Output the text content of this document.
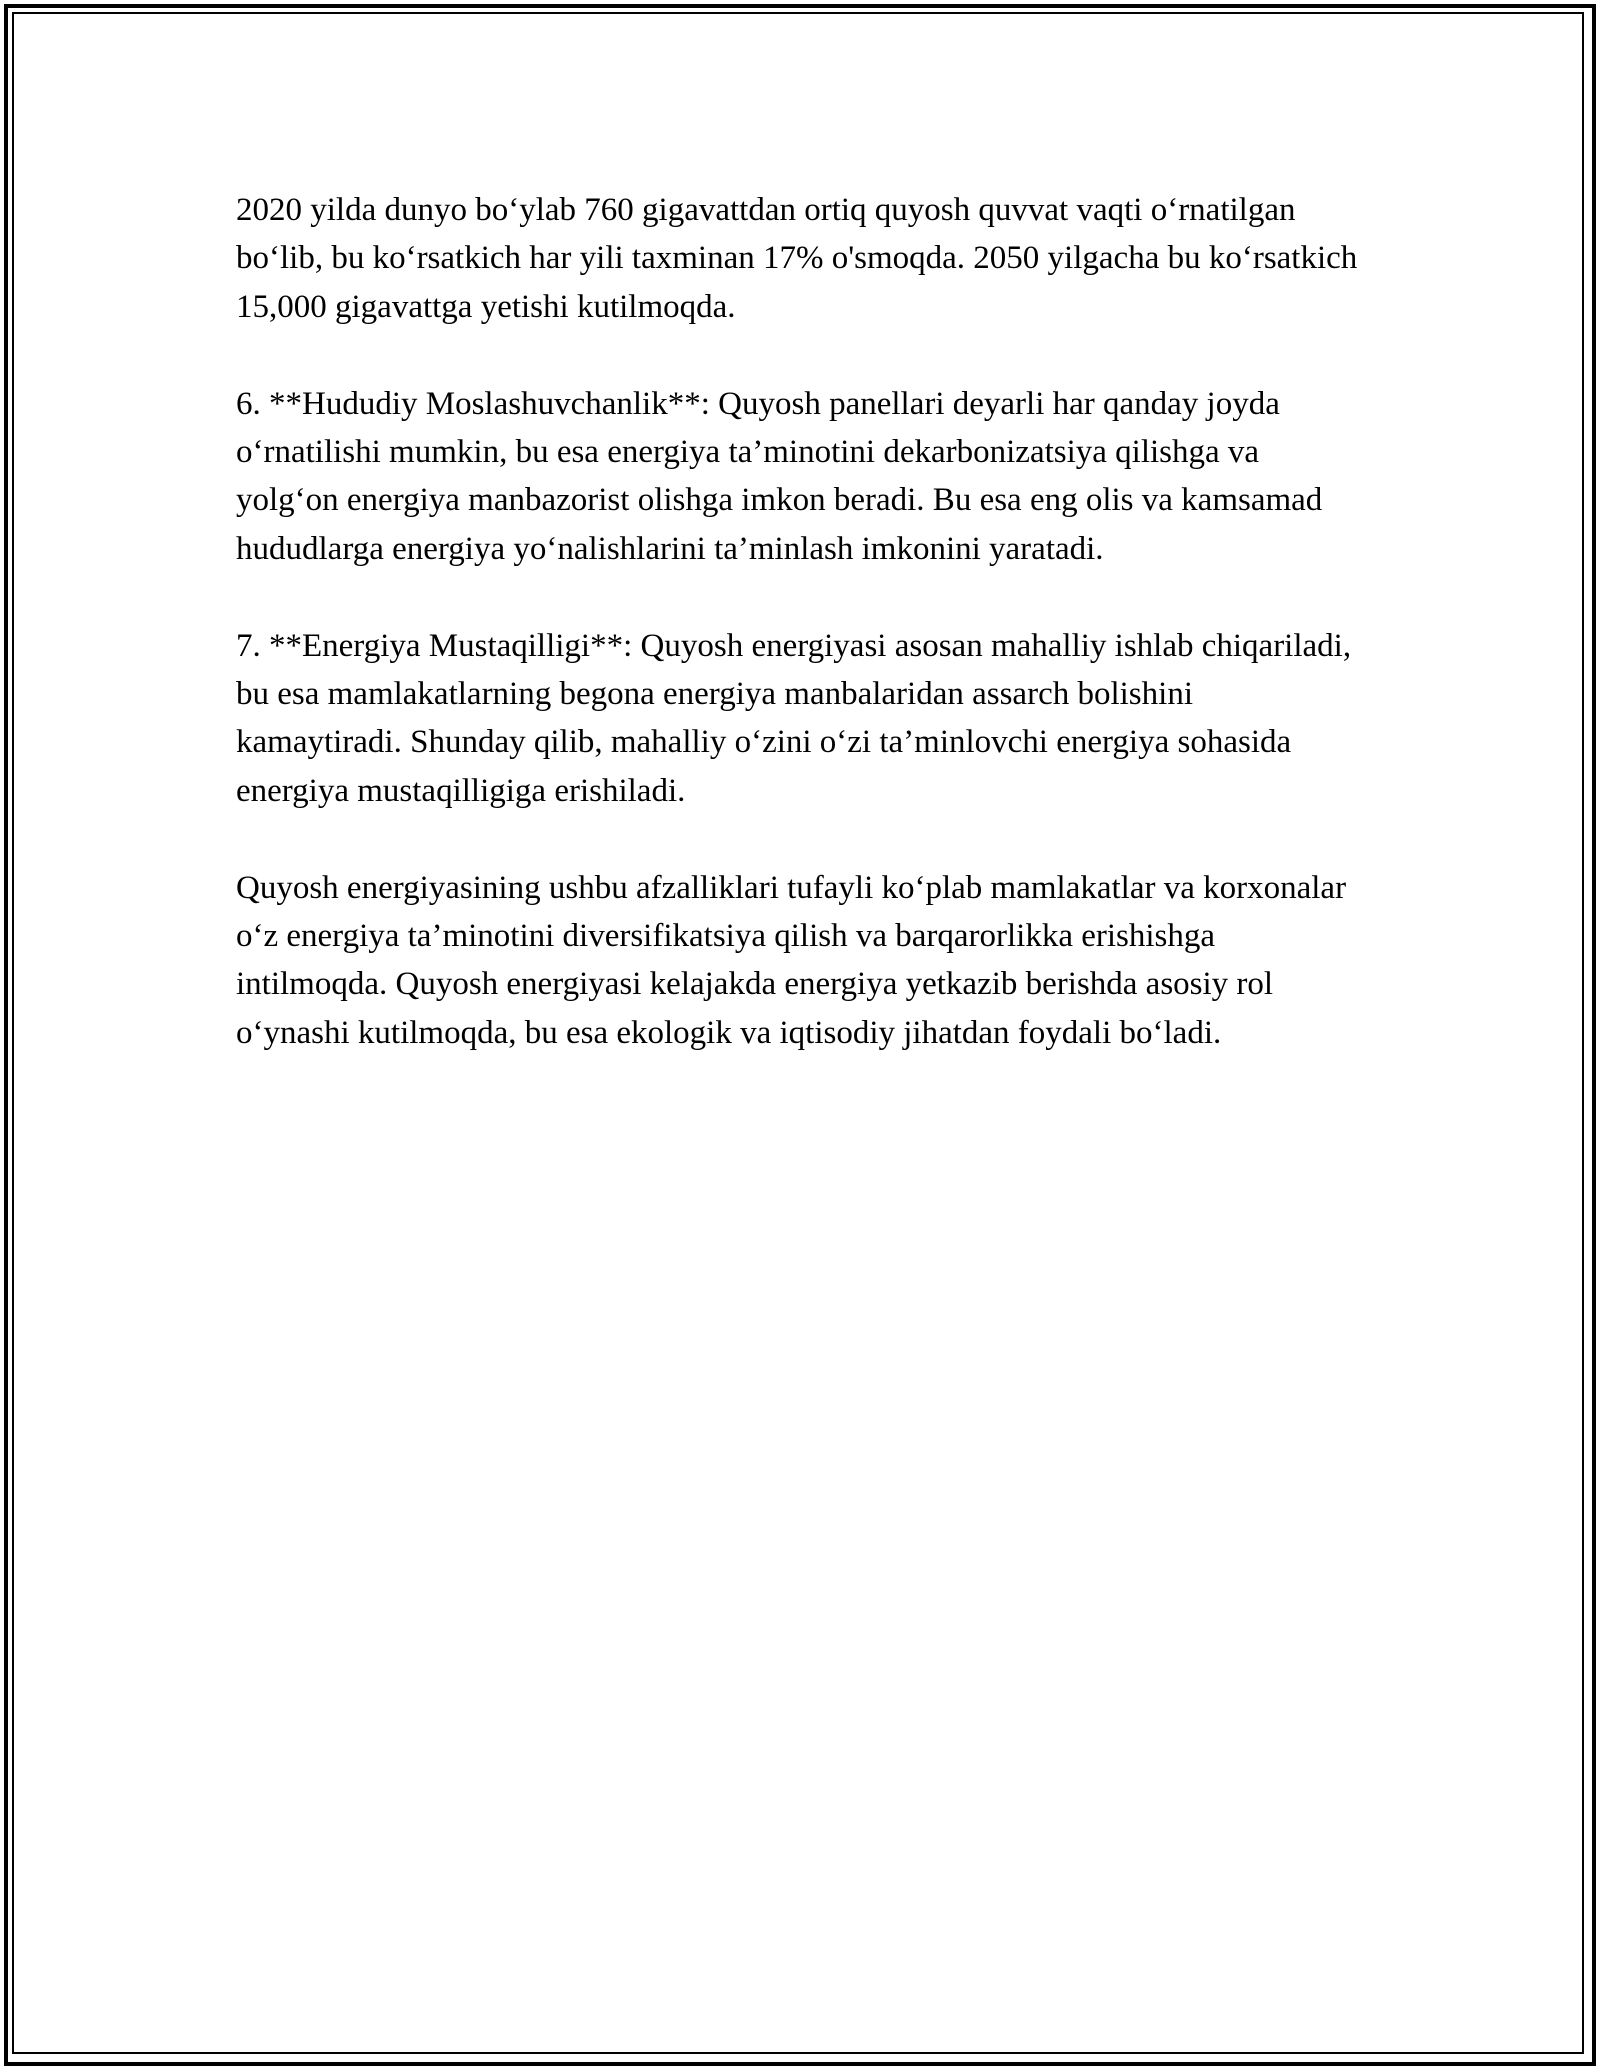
2020 yilda dunyo bo‘ylab 760 gigavattdan ortiq quyosh quvvat vaqti o‘rnatilgan bo‘lib, bu ko‘rsatkich har yili taxminan 17% o'smoqda. 2050 yilgacha bu ko‘rsatkich 15,000 gigavattga yetishi kutilmoqda.

6. **Hududiy Moslashuvchanlik**: Quyosh panellari deyarli har qanday joyda o‘rnatilishi mumkin, bu esa energiya ta’minotini dekarbonizatsiya qilishga va yolg‘on energiya manbazorist olishga imkon beradi. Bu esa eng olis va kamsamad hududlarga energiya yo‘nalishlarini ta’minlash imkonini yaratadi.

7. **Energiya Mustaqilligi**: Quyosh energiyasi asosan mahalliy ishlab chiqariladi, bu esa mamlakatlarning begona energiya manbalaridan assarch bolishini kamaytiradi. Shunday qilib, mahalliy o‘zini o‘zi ta’minlovchi energiya sohasida energiya mustaqilligiga erishiladi.

Quyosh energiyasining ushbu afzalliklari tufayli ko‘plab mamlakatlar va korxonalar o‘z energiya ta’minotini diversifikatsiya qilish va barqarorlikka erishishga intilmoqda. Quyosh energiyasi kelajakda energiya yetkazib berishda asosiy rol o‘ynashi kutilmoqda, bu esa ekologik va iqtisodiy jihatdan foydali bo‘ladi.
